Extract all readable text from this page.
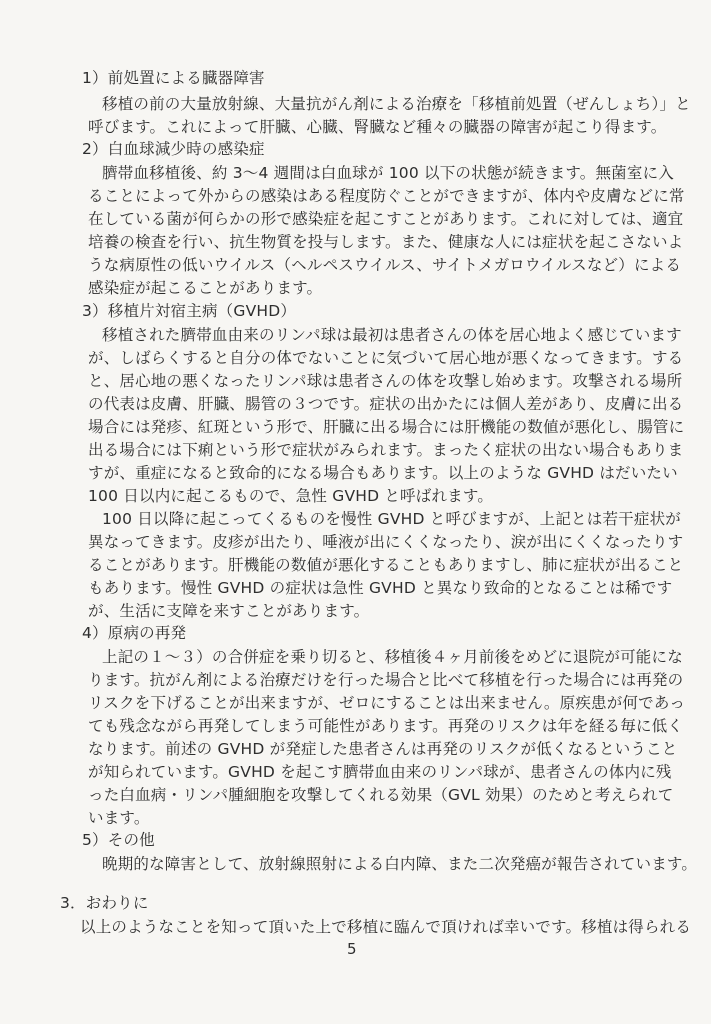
1）前処置による臓器障害
移植の前の大量放射線、大量抗がん剤による治療を「移植前処置（ぜんしょち）」と
呼びます。これによって肝臓、心臓、腎臓など種々の臓器の障害が起こり得ます。
2）白血球減少時の感染症
臍帯血移植後、約 3～4 週間は白血球が 100 以下の状態が続きます。無菌室に入
ることによって外からの感染はある程度防ぐことができますが、体内や皮膚などに常
在している菌が何らかの形で感染症を起こすことがあります。これに対しては、適宜
培養の検査を行い、抗生物質を投与します。また、健康な人には症状を起こさないよ
うな病原性の低いウイルス（ヘルペスウイルス、サイトメガロウイルスなど）による
感染症が起こることがあります。
3）移植片対宿主病（GVHD）
移植された臍帯血由来のリンパ球は最初は患者さんの体を居心地よく感じています
が、しばらくすると自分の体でないことに気づいて居心地が悪くなってきます。する
と、居心地の悪くなったリンパ球は患者さんの体を攻撃し始めます。攻撃される場所
の代表は皮膚、肝臓、腸管の３つです。症状の出かたには個人差があり、皮膚に出る
場合には発疹、紅斑という形で、肝臓に出る場合には肝機能の数値が悪化し、腸管に
出る場合には下痢という形で症状がみられます。まったく症状の出ない場合もありま
すが、重症になると致命的になる場合もあります。以上のような GVHD はだいたい
100 日以内に起こるもので、急性 GVHD と呼ばれます。
100 日以降に起こってくるものを慢性 GVHD と呼びますが、上記とは若干症状が
異なってきます。皮疹が出たり、唾液が出にくくなったり、涙が出にくくなったりす
ることがあります。肝機能の数値が悪化することもありますし、肺に症状が出ること
もあります。慢性 GVHD の症状は急性 GVHD と異なり致命的となることは稀です
が、生活に支障を来すことがあります。
4）原病の再発
上記の１～３）の合併症を乗り切ると、移植後４ヶ月前後をめどに退院が可能にな
ります。抗がん剤による治療だけを行った場合と比べて移植を行った場合には再発の
リスクを下げることが出来ますが、ゼロにすることは出来ません。原疾患が何であっ
ても残念ながら再発してしまう可能性があります。再発のリスクは年を経る毎に低く
なります。前述の GVHD が発症した患者さんは再発のリスクが低くなるということ
が知られています。GVHD を起こす臍帯血由来のリンパ球が、患者さんの体内に残
った白血病・リンパ腫細胞を攻撃してくれる効果（GVL 効果）のためと考えられて
います。
5）その他
晩期的な障害として、放射線照射による白内障、また二次発癌が報告されています。
3．おわりに
以上のようなことを知って頂いた上で移植に臨んで頂ければ幸いです。移植は得られる
5
